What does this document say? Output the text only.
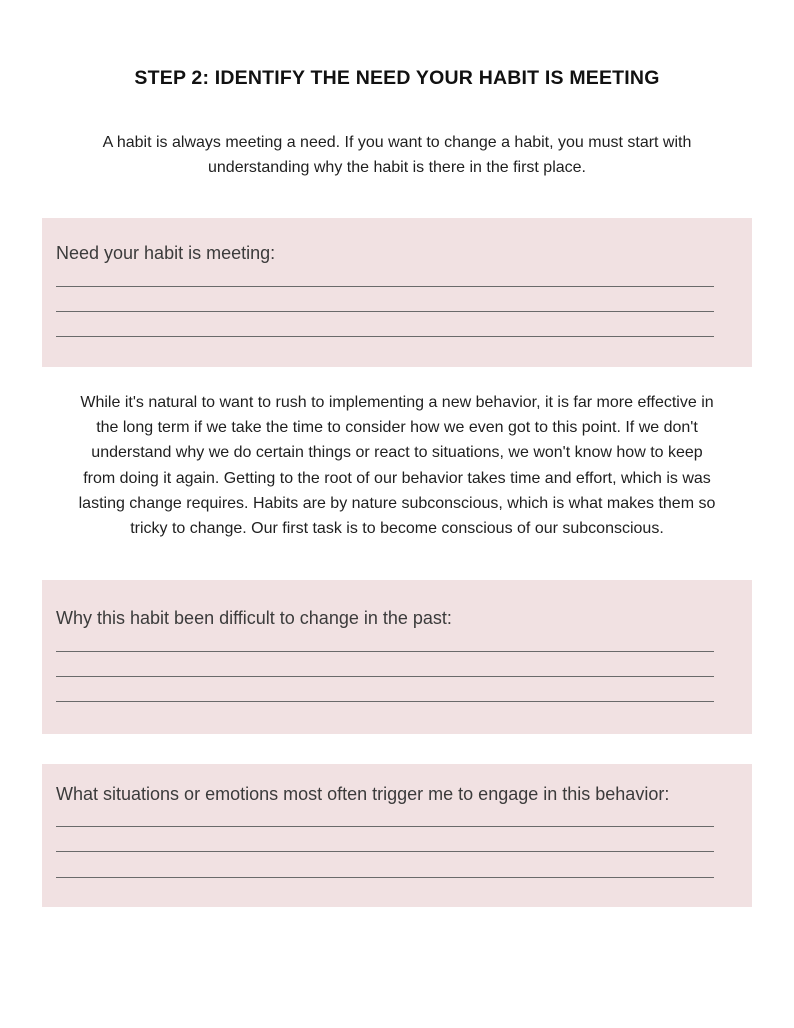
STEP 2: IDENTIFY THE NEED YOUR HABIT IS MEETING
A habit is always meeting a need. If you want to change a habit, you must start with
understanding why the habit is there in the first place.
Need your habit is meeting:
While it's natural to want to rush to implementing a new behavior, it is far more effective in
the long term if we take the time to consider how we even got to this point. If we don't
understand why we do certain things or react to situations, we won't know how to keep
from doing it again. Getting to the root of our behavior takes time and effort, which is was
lasting change requires. Habits are by nature subconscious, which is what makes them so
tricky to change. Our first task is to become conscious of our subconscious.
Why this habit been difficult to change in the past:
What situations or emotions most often trigger me to engage in this behavior:
